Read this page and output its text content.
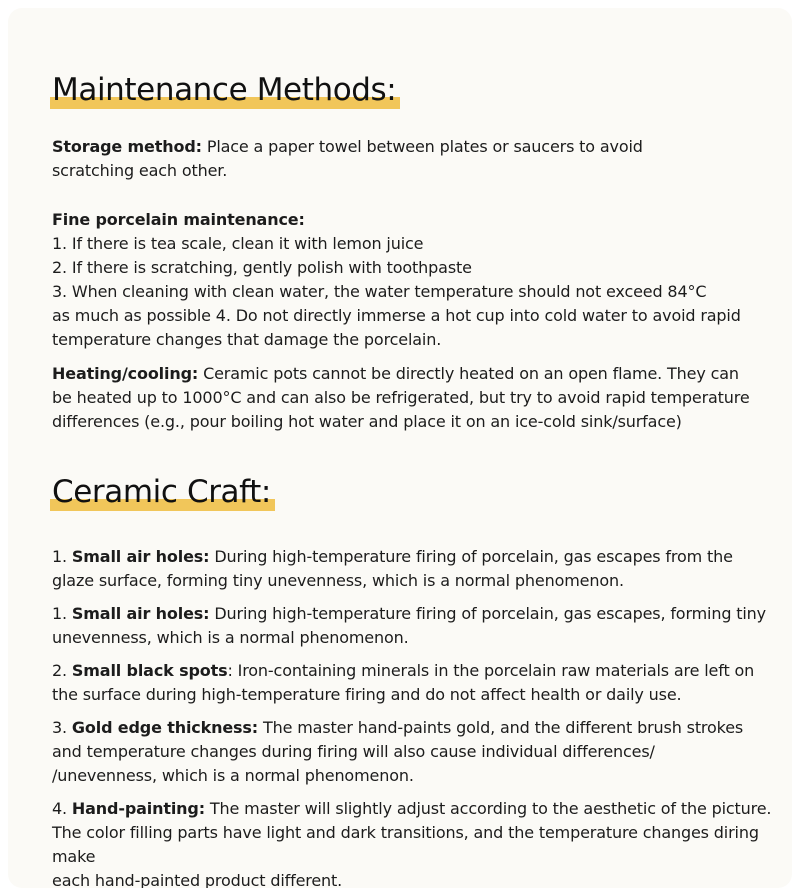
Maintenance Methods:

Storage method: Place a paper towel between plates or saucers to avoid
scratching each other.

Fine porcelain maintenance:
1. If there is tea scale, clean it with lemon juice
2. If there is scratching, gently polish with toothpaste
3. When cleaning with clean water, the water temperature should not exceed 84°C
as much as possible 4. Do not directly immerse a hot cup into cold water to avoid rapid
temperature changes that damage the porcelain.

Heating/cooling: Ceramic pots cannot be directly heated on an open flame. They can
be heated up to 1000°C and can also be refrigerated, but try to avoid rapid temperature
differences (e.g., pour boiling hot water and place it on an ice-cold sink/surface)

Ceramic Craft:

1. Small air holes: During high-temperature firing of porcelain, gas escapes from the
glaze surface, forming tiny unevenness, which is a normal phenomenon.

1. Small air holes: During high-temperature firing of porcelain, gas escapes, forming tiny
unevenness, which is a normal phenomenon.

2. Small black spots: Iron-containing minerals in the porcelain raw materials are left on
the surface during high-temperature firing and do not affect health or daily use.

3. Gold edge thickness: The master hand-paints gold, and the different brush strokes
and temperature changes during firing will also cause individual differences/
/unevenness, which is a normal phenomenon.

4. Hand-painting: The master will slightly adjust according to the aesthetic of the picture.
The color filling parts have light and dark transitions, and the temperature changes diring make
each hand-painted product different.
